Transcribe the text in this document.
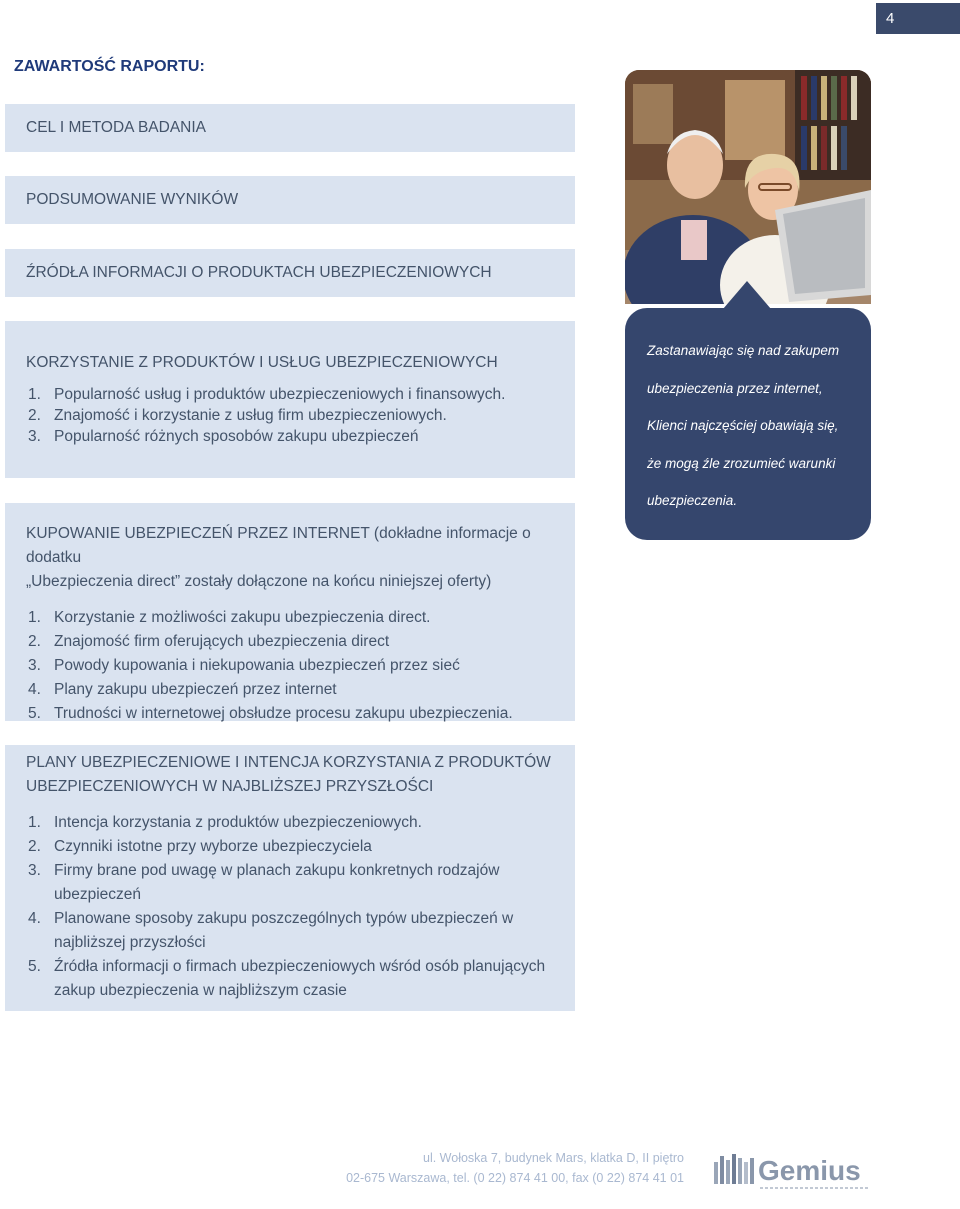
4
ZAWARTOŚĆ RAPORTU:
CEL I METODA BADANIA
PODSUMOWANIE WYNIKÓW
ŹRÓDŁA INFORMACJI O PRODUKTACH UBEZPIECZENIOWYCH
KORZYSTANIE Z PRODUKTÓW I USŁUG UBEZPIECZENIOWYCH
1. Popularność usług i produktów ubezpieczeniowych i finansowych.
2. Znajomość i korzystanie z usług firm ubezpieczeniowych.
3. Popularność różnych sposobów zakupu ubezpieczeń
KUPOWANIE UBEZPIECZEŃ PRZEZ INTERNET (dokładne informacje o dodatku
„Ubezpieczenia direct” zostały dołączone na końcu niniejszej oferty)
1. Korzystanie z możliwości zakupu ubezpieczenia direct.
2. Znajomość firm oferujących ubezpieczenia direct
3. Powody kupowania i niekupowania ubezpieczeń przez sieć
4. Plany zakupu ubezpieczeń przez internet
5. Trudności w internetowej obsłudze procesu zakupu ubezpieczenia.
PLANY UBEZPIECZENIOWE I INTENCJA KORZYSTANIA Z PRODUKTÓW
UBEZPIECZENIOWYCH W NAJBLIŻSZEJ PRZYSZŁOŚCI
1. Intencja korzystania z produktów ubezpieczeniowych.
2. Czynniki istotne przy wyborze ubezpieczyciela
3. Firmy brane pod uwagę w planach zakupu konkretnych rodzajów ubezpieczeń
4. Planowane sposoby zakupu poszczególnych typów ubezpieczeń w najbliższej przyszłości
5. Źródła informacji o firmach ubezpieczeniowych wśród osób planujących zakup ubezpieczenia w najbliższym czasie

Zastanawiając się nad zakupem

ubezpieczenia przez internet,

Klienci najczęściej obawiają się,

że mogą źle zrozumieć warunki

ubezpieczenia.

ul. Wołoska 7, budynek Mars, klatka D, II piętro
02-675 Warszawa, tel. (0 22) 874 41 00, fax (0 22) 874 41 01	Gemius
